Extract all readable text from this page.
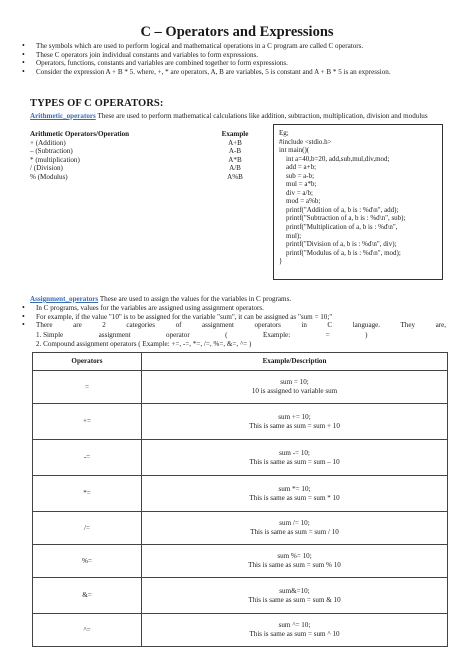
C – Operators and Expressions
• The symbols which are used to perform logical and mathematical operations in a C program are called C operators.
• These C operators join individual constants and variables to form expressions.
• Operators, functions, constants and variables are combined together to form expressions.
• Consider the expression A + B * 5. where, +, * are operators, A, B are variables, 5 is constant and A + B * 5 is an expression.
TYPES OF C OPERATORS:
Arithmetic_operators These are used to perform mathematical calculations like addition, subtraction, multiplication, division and modulus
Arithmetic Operators/Operation	Example
+ (Addition)	A+B
– (Subtraction)	A-B
* (multiplication)	A*B
/ (Division)	A/B
% (Modulus)	A%B
Eg;
#include <stdio.h>
int main()(
int a=40,b=20, add,sub,mul,div,mod;
add = a+b;
sub = a-b;
mul = a*b;
div = a/b;
mod = a%b;
printf("Addition of a, b is : %d\n", add);
printf("Subtraction of a, b is : %d\n", sub);
printf("Multiplication of a, b is : %d\n",
mul);
printf("Division of a, b is : %d\n", div);
printf("Modulus of a, b is : %d\n", mod);
}
Assignment_operators These are used to assign the values for the variables in C programs.
• In C programs, values for the variables are assigned using assignment operators.
• For example, if the value "10" is to be assigned for the variable "sum", it can be assigned as "sum = 10;"
• There are 2 categories of assignment operators in C language. They are,
1. Simple                    assignment                    operator                    (                    Example:                    =                    )
2. Compound assignment operators ( Example: +=, -=, *=, /=, %=, &=, ^= )
Operators	Example/Description
=	sum = 10;
10 is assigned to variable sum

+=	sum += 10;
This is same as sum = sum + 10

-=	sum -= 10;
This is same as sum = sum – 10

*=	sum *= 10;
This is same as sum = sum * 10

/=	sum /= 10;
This is same as sum = sum / 10

%=	sum %= 10;
This is same as sum = sum % 10

&=	sum&=10;
This is same as sum = sum & 10

^=	sum ^= 10;
This is same as sum = sum ^ 10
